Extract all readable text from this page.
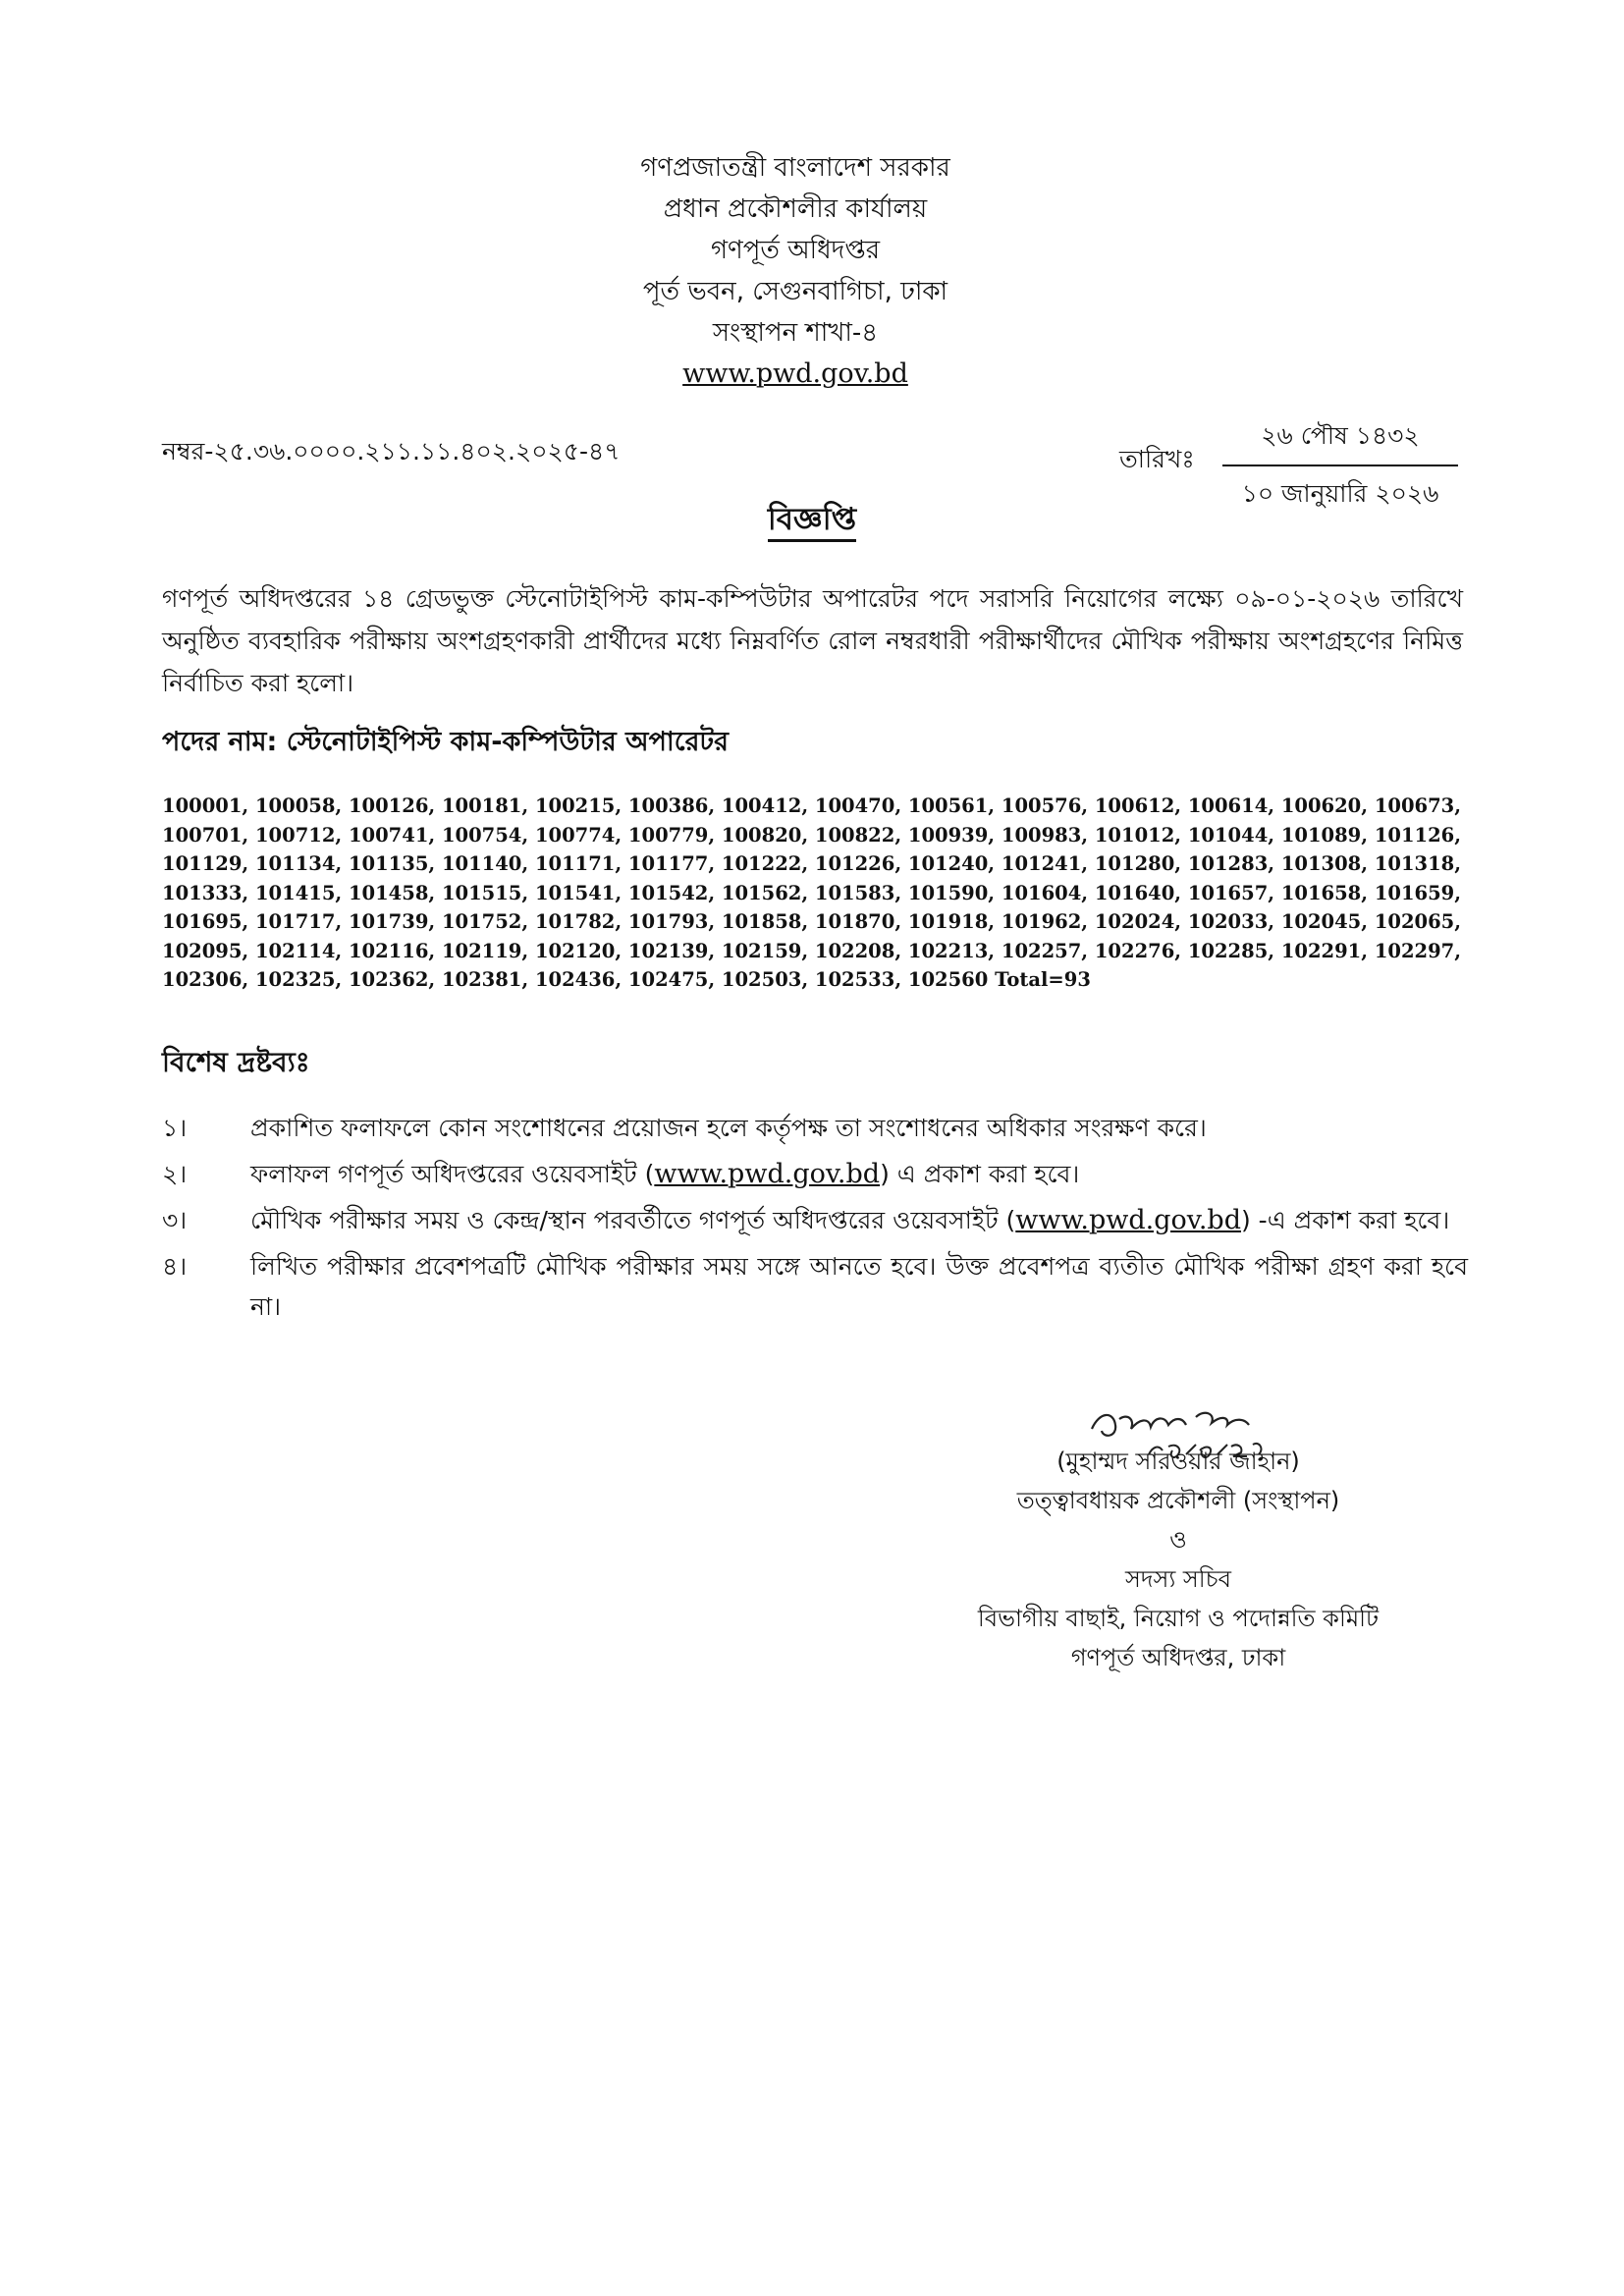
গণপ্রজাতন্ত্রী বাংলাদেশ সরকার
প্রধান প্রকৌশলীর কার্যালয়
গণপূর্ত অধিদপ্তর
পূর্ত ভবন, সেগুনবাগিচা, ঢাকা
সংস্থাপন শাখা-৪
www.pwd.gov.bd
নম্বর-২৫.৩৬.০০০০.২১১.১১.৪০২.২০২৫-৪৭	তারিখঃ
২৬ পৌষ ১৪৩২
১০ জানুয়ারি ২০২৬
বিজ্ঞপ্তি
গণপূর্ত অধিদপ্তরের ১৪ গ্রেডভুক্ত স্টেনোটাইপিস্ট কাম-কম্পিউটার অপারেটর পদে সরাসরি নিয়োগের লক্ষ্যে ০৯-০১-২০২৬ তারিখে অনুষ্ঠিত ব্যবহারিক পরীক্ষায় অংশগ্রহণকারী প্রার্থীদের মধ্যে নিম্নবর্ণিত রোল নম্বরধারী পরীক্ষার্থীদের মৌখিক পরীক্ষায় অংশগ্রহণের নিমিত্ত নির্বাচিত করা হলো।
পদের নাম: স্টেনোটাইপিস্ট কাম-কম্পিউটার অপারেটর
100001, 100058, 100126, 100181, 100215, 100386, 100412, 100470, 100561, 100576, 100612, 100614, 100620, 100673, 100701, 100712, 100741, 100754, 100774, 100779, 100820, 100822, 100939, 100983, 101012, 101044, 101089, 101126, 101129, 101134, 101135, 101140, 101171, 101177, 101222, 101226, 101240, 101241, 101280, 101283, 101308, 101318, 101333, 101415, 101458, 101515, 101541, 101542, 101562, 101583, 101590, 101604, 101640, 101657, 101658, 101659, 101695, 101717, 101739, 101752, 101782, 101793, 101858, 101870, 101918, 101962, 102024, 102033, 102045, 102065, 102095, 102114, 102116, 102119, 102120, 102139, 102159, 102208, 102213, 102257, 102276, 102285, 102291, 102297, 102306, 102325, 102362, 102381, 102436, 102475, 102503, 102533, 102560 Total=93
বিশেষ দ্রষ্টব্যঃ
১।	প্রকাশিত ফলাফলে কোন সংশোধনের প্রয়োজন হলে কর্তৃপক্ষ তা সংশোধনের অধিকার সংরক্ষণ করে।
২।	ফলাফল গণপূর্ত অধিদপ্তরের ওয়েবসাইট (www.pwd.gov.bd) এ প্রকাশ করা হবে।
৩।	মৌখিক পরীক্ষার সময় ও কেন্দ্র/স্থান পরবর্তীতে গণপূর্ত অধিদপ্তরের ওয়েবসাইট (www.pwd.gov.bd) -এ প্রকাশ করা হবে।
৪।	লিখিত পরীক্ষার প্রবেশপত্রটি মৌখিক পরীক্ষার সময় সঙ্গে আনতে হবে। উক্ত প্রবেশপত্র ব্যতীত মৌখিক পরীক্ষা গ্রহণ করা হবে না।
(মুহাম্মদ সারওয়ার জাহান)
তত্ত্বাবধায়ক প্রকৌশলী (সংস্থাপন)
ও
সদস্য সচিব
বিভাগীয় বাছাই, নিয়োগ ও পদোন্নতি কমিটি
গণপূর্ত অধিদপ্তর, ঢাকা
